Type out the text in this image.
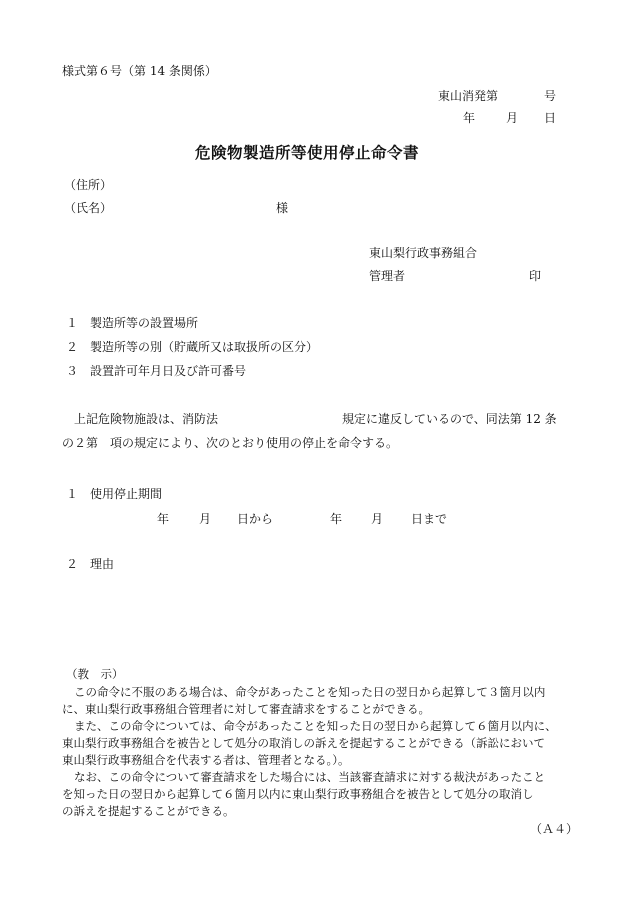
様式第６号（第 14 条関係）
東山消発第	号
年	月 日
危険物製造所等使用停止命令書
（住所）
（氏名）	様
東山梨行政事務組合
管理者	印
１ 製造所等の設置場所
２ 製造所等の別（貯蔵所又は取扱所の区分）
３ 設置許可年月日及び許可番号
上記危険物施設は、消防法	規定に違反しているので、同法第 12 条
の２第　項の規定により、次のとおり使用の停止を命令する。
１ 使用停止期間
年 月 日から	年 月 日まで
２ 理由
（教　示）
この命令に不服のある場合は、命令があったことを知った日の翌日から起算して３箇月以内
に、東山梨行政事務組合管理者に対して審査請求をすることができる。
また、この命令については、命令があったことを知った日の翌日から起算して６箇月以内に、
東山梨行政事務組合を被告として処分の取消しの訴えを提起することができる（訴訟において
東山梨行政事務組合を代表する者は、管理者となる。）。
なお、この命令について審査請求をした場合には、当該審査請求に対する裁決があったこと
を知った日の翌日から起算して６箇月以内に東山梨行政事務組合を被告として処分の取消し
の訴えを提起することができる。
（Ａ４）
